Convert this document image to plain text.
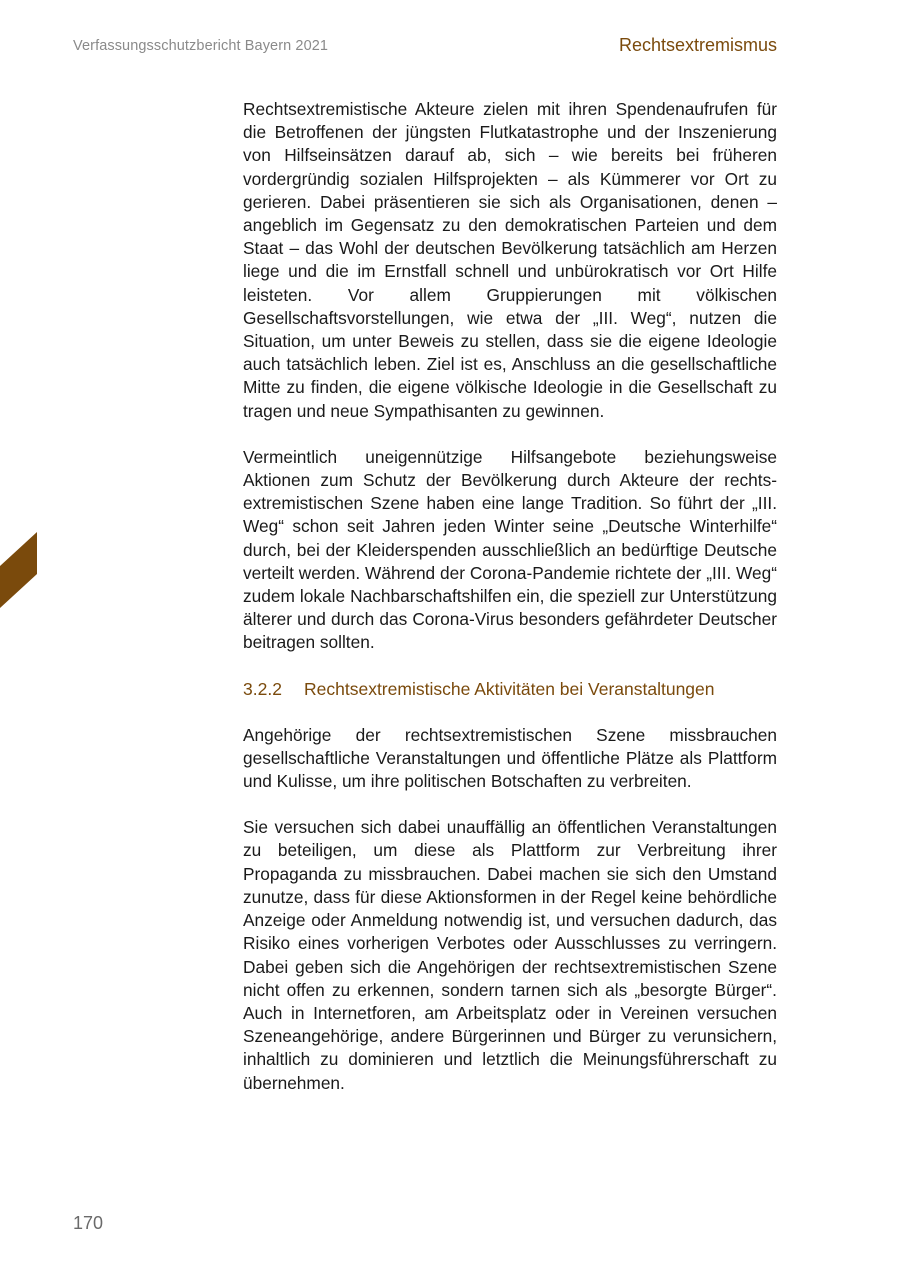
Verfassungsschutzbericht Bayern 2021	Rechtsextremismus

Rechtsextremistische Akteure zielen mit ihren Spendenaufrufen für die Betroffenen der jüngsten Flutkatastrophe und der Inszenierung von Hilfseinsätzen darauf ab, sich – wie bereits bei früheren vordergründig sozialen Hilfsprojekten – als Kümmerer vor Ort zu gerieren. Dabei präsentieren sie sich als Organisationen, denen – angeblich im Gegensatz zu den demokratischen Parteien und dem Staat – das Wohl der deutschen Bevölkerung tatsächlich am Herzen liege und die im Ernstfall schnell und unbürokratisch vor Ort Hilfe leisteten. Vor allem Gruppierungen mit völkischen Gesellschaftsvorstellungen, wie etwa der „III. Weg“, nutzen die Situation, um unter Beweis zu stellen, dass sie die eigene Ideologie auch tatsächlich leben. Ziel ist es, Anschluss an die gesellschaftliche Mitte zu finden, die eigene völkische Ideologie in die Gesellschaft zu tragen und neue Sympathisanten zu gewinnen.

Vermeintlich uneigennützige Hilfsangebote beziehungsweise Aktionen zum Schutz der Bevölkerung durch Akteure der rechtsextremistischen Szene haben eine lange Tradition. So führt der „III. Weg“ schon seit Jahren jeden Winter seine „Deutsche Winterhilfe“ durch, bei der Kleiderspenden ausschließlich an bedürftige Deutsche verteilt werden. Während der Corona-Pandemie richtete der „III. Weg“ zudem lokale Nachbarschaftshilfen ein, die speziell zur Unterstützung älterer und durch das Corona-Virus besonders gefährdeter Deutscher beitragen sollten.

3.2.2 Rechtsextremistische Aktivitäten bei Veranstaltungen

Angehörige der rechtsextremistischen Szene missbrauchen gesellschaftliche Veranstaltungen und öffentliche Plätze als Plattform und Kulisse, um ihre politischen Botschaften zu verbreiten.

Sie versuchen sich dabei unauffällig an öffentlichen Veranstaltungen zu beteiligen, um diese als Plattform zur Verbreitung ihrer Propaganda zu missbrauchen. Dabei machen sie sich den Umstand zunutze, dass für diese Aktionsformen in der Regel keine behördliche Anzeige oder Anmeldung notwendig ist, und versuchen dadurch, das Risiko eines vorherigen Verbotes oder Ausschlusses zu verringern. Dabei geben sich die Angehörigen der rechtsextremistischen Szene nicht offen zu erkennen, sondern tarnen sich als „besorgte Bürger“. Auch in Internetforen, am Arbeitsplatz oder in Vereinen versuchen Szeneangehörige, andere Bürgerinnen und Bürger zu verunsichern, inhaltlich zu dominieren und letztlich die Meinungsführerschaft zu übernehmen.

170
